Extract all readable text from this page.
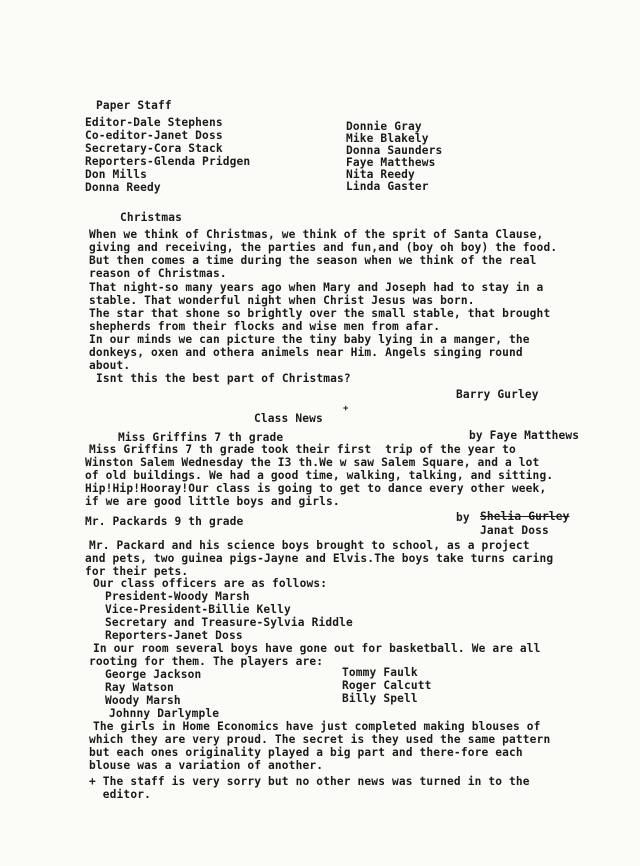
Paper Staff
Editor-Dale Stephens
Co-editor-Janet Doss
Secretary-Cora Stack
Reporters-Glenda Pridgen
Don Mills
Donna Reedy
Donnie Gray
Mike Blakely
Donna Saunders
Faye Matthews
Nita Reedy
Linda Gaster
Christmas
When we think of Christmas, we think of the sprit of Santa Clause,
giving and receiving, the parties and fun,and (boy oh boy) the food.
But then comes a time during the season when we think of the real
reason of Christmas.
That night-so many years ago when Mary and Joseph had to stay in a
stable. That wonderful night when Christ Jesus was born.
The star that shone so brightly over the small stable, that brought
shepherds from their flocks and wise men from afar.
In our minds we can picture the tiny baby lying in a manger, the
donkeys, oxen and othera animels near Him. Angels singing round
about.
Isnt this the best part of Christmas?
Barry Gurley
Class News
+
Miss Griffins 7 th grade	by Faye Matthews
Miss Griffins 7 th grade took their first  trip of the year to
Winston Salem Wednesday the I3 th.We w saw Salem Square, and a lot
of old buildings. We had a good time, walking, talking, and sitting.
Hip!Hip!Hooray!Our class is going to get to dance every other week,
if we are good little boys and girls.
Mr. Packards 9 th grade	by Shelia Gurley
Janat Doss
Mr. Packard and his science boys brought to school, as a project
and pets, two guinea pigs-Jayne and Elvis.The boys take turns caring
for their pets.
Our class officers are as follows:
President-Woody Marsh
Vice-President-Billie Kelly
Secretary and Treasure-Sylvia Riddle
Reporters-Janet Doss
In our room several boys have gone out for basketball. We are all
rooting for them. The players are:
George Jackson
Ray Watson
Woody Marsh
Johnny Darlymple
Tommy Faulk
Roger Calcutt
Billy Spell
The girls in Home Economics have just completed making blouses of
which they are very proud. The secret is they used the same pattern
but each ones originality played a big part and there-fore each
blouse was a variation of another.
+ The staff is very sorry but no other news was turned in to the
editor.
